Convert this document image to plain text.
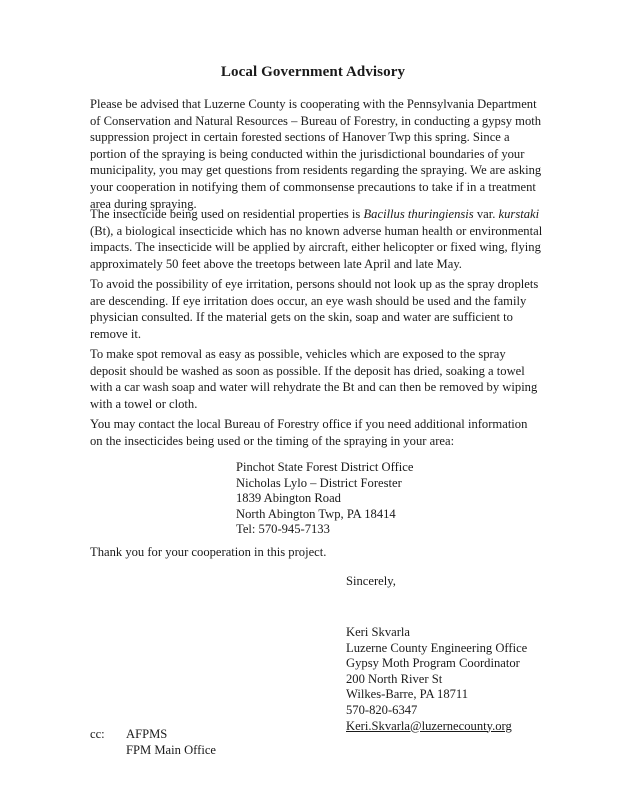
Local Government Advisory
Please be advised that Luzerne County is cooperating with the Pennsylvania Department
of Conservation and Natural Resources – Bureau of Forestry, in conducting a gypsy moth
suppression project in certain forested sections of Hanover Twp this spring. Since a
portion of the spraying is being conducted within the jurisdictional boundaries of your
municipality, you may get questions from residents regarding the spraying. We are asking
your cooperation in notifying them of commonsense precautions to take if in a treatment
area during spraying.
The insecticide being used on residential properties is Bacillus thuringiensis var. kurstaki
(Bt), a biological insecticide which has no known adverse human health or environmental
impacts. The insecticide will be applied by aircraft, either helicopter or fixed wing, flying
approximately 50 feet above the treetops between late April and late May.
To avoid the possibility of eye irritation, persons should not look up as the spray droplets
are descending. If eye irritation does occur, an eye wash should be used and the family
physician consulted. If the material gets on the skin, soap and water are sufficient to
remove it.
To make spot removal as easy as possible, vehicles which are exposed to the spray
deposit should be washed as soon as possible. If the deposit has dried, soaking a towel
with a car wash soap and water will rehydrate the Bt and can then be removed by wiping
with a towel or cloth.
You may contact the local Bureau of Forestry office if you need additional information
on the insecticides being used or the timing of the spraying in your area:
Pinchot State Forest District Office
Nicholas Lylo – District Forester
1839 Abington Road
North Abington Twp, PA 18414
Tel: 570-945-7133
Thank you for your cooperation in this project.
Sincerely,
Keri Skvarla
Luzerne County Engineering Office
Gypsy Moth Program Coordinator
200 North River St
Wilkes-Barre, PA 18711
570-820-6347
Keri.Skvarla@luzernecounty.org
cc: AFPMS
FPM Main Office
